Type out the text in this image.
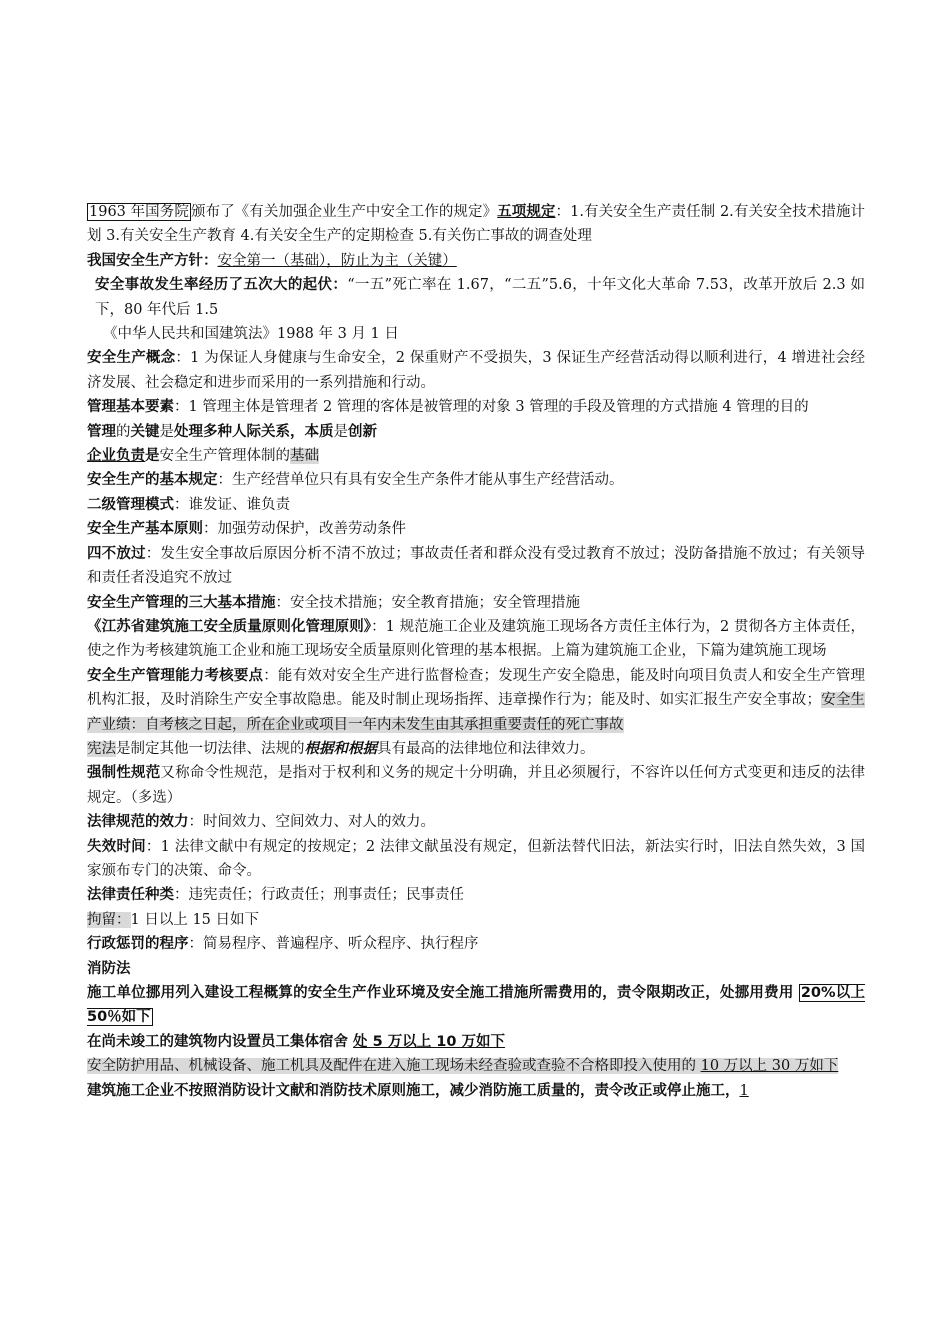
1963 年国务院 颁布了《有关加强企业生产中安全工作的规定》五项规定：1.有关安全生产责任制 2.有关安全技术措施计划 3.有关安全生产教育 4.有关安全生产的定期检查 5.有关伤亡事故的调查处理

我国安全生产方针：安全第一（基础），防止为主（关键）

安全事故发生率经历了五次大的起伏：“一五”死亡率在 1.67，“二五”5.6，十年文化大革命 7.53，改革开放后 2.3 如下，80 年代后 1.5

《中华人民共和国建筑法》1988 年 3 月 1 日

安全生产概念：1 为保证人身健康与生命安全，2 保重财产不受损失，3 保证生产经营活动得以顺利进行，4 增进社会经济发展、社会稳定和进步而采用的一系列措施和行动。

管理基本要素：1 管理主体是管理者 2 管理的客体是被管理的对象 3 管理的手段及管理的方式措施 4 管理的目的

管理的关键是处理多种人际关系，本质是创新

企业负责是安全生产管理体制的基础

安全生产的基本规定：生产经营单位只有具有安全生产条件才能从事生产经营活动。

二级管理模式：谁发证、谁负责

安全生产基本原则：加强劳动保护，改善劳动条件

四不放过：发生安全事故后原因分析不清不放过；事故责任者和群众没有受过教育不放过；没防备措施不放过；有关领导和责任者没追究不放过

安全生产管理的三大基本措施：安全技术措施；安全教育措施；安全管理措施

《江苏省建筑施工安全质量原则化管理原则》：1 规范施工企业及建筑施工现场各方责任主体行为，2 贯彻各方主体责任，使之作为考核建筑施工企业和施工现场安全质量原则化管理的基本根据。上篇为建筑施工企业，下篇为建筑施工现场

安全生产管理能力考核要点：能有效对安全生产进行监督检查；发现生产安全隐患，能及时向项目负责人和安全生产管理机构汇报，及时消除生产安全事故隐患。能及时制止现场指挥、违章操作行为；能及时、如实汇报生产安全事故；安全生产业绩：自考核之日起，所在企业或项目一年内未发生由其承担重要责任的死亡事故

宪法是制定其他一切法律、法规的根据和根据具有最高的法律地位和法律效力。

强制性规范又称命令性规范，是指对于权利和义务的规定十分明确，并且必须履行，不容许以任何方式变更和违反的法律规定。（多选）

法律规范的效力：时间效力、空间效力、对人的效力。

失效时间：1 法律文献中有规定的按规定；2 法律文献虽没有规定，但新法替代旧法，新法实行时，旧法自然失效，3 国家颁布专门的决策、命令。

法律责任种类：违宪责任；行政责任；刑事责任；民事责任

拘留：1 日以上 15 日如下

行政惩罚的程序：简易程序、普遍程序、听众程序、执行程序

消防法

施工单位挪用列入建设工程概算的安全生产作业环境及安全施工措施所需费用的，责令限期改正，处挪用费用 20%以上 50％如下

在尚未竣工的建筑物内设置员工集体宿舍 处 5 万以上 10 万如下

安全防护用品、机械设备、施工机具及配件在进入施工现场未经查验或查验不合格即投入使用的 10 万以上 30 万如下

建筑施工企业不按照消防设计文献和消防技术原则施工，减少消防施工质量的，责令改正或停止施工，1
